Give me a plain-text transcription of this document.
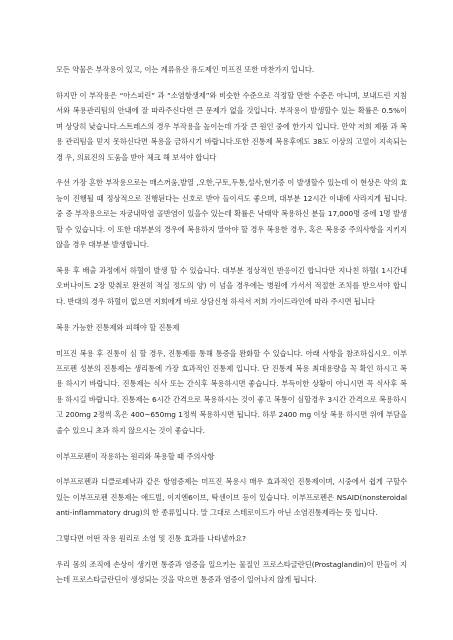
모든 약물은 부작용이 있고, 이는 계류유산 유도제인 미프진 또한 마찬가지 입니다.

하지만 이 부작용은 “아스피린” 과 “소염항생제”와 비슷한 수준으로 걱정할 만한 수준은 아니며, 보내드린 지침서와 복용관리팀의 안내에 잘 따라주신다면 큰 문제가 없을 것입니다. 부작용이 발생할수 있는 확률은 0.5%이며 상당히 낮습니다.스트레스의 경우 부작용을 높이는데 가장 큰 원인 중에 한가지 입니다. 만약 저희 제품 과 복용 관리팀을 믿지 못하신다면 복용을 금하시기 바랍니다.또한 진통제 복용후에도 38도 이상의 고열이 지속되는 경 우, 의료진의 도움을 받아 체크 해 보셔야 합니다

우선 가장 흔한 부작용으로는 매스꺼움,발열 ,오한,구토,두통,설사,현기증 이 발생할수 있는데 이 현상은 약의 효능이 진행될 때 정상적으로 진행된다는 신호로 받아 들이셔도 좋으며, 대부분 12시간 이내에 사라지게 됩니다. 중 증 부작용으로는 자궁내막염 골반염이 있을수 있는데 확률은 낙태약 복용하신 분들 17,000명 중에 1명 발생할 수 있습니다. 이 또한 대부분의 경우에 복용하지 말아야 할 경우 복용한 경우, 혹은 복용중 주의사항을 지키지 않을 경우 대부분 발생합니다.

복용 후 배출 과정에서 하혈이 발생 할 수 있습니다. 대부분 정상적인 반응이긴 합니다만 지나친 하혈( 1시간내 오버나이트 2장 맞춰로 완전히 적실 정도의 양) 이 넘을 경우에는 병원에 가서서 적절한 조치를 받으셔야 합니다. 반대의 경우 하혈이 없으면 저희에게 바로 상담신청 하셔서 저희 가이드라인에 따라 주시면 됩니다

복용 가능한 진통제와 피해야 할 진통제

미프진 복용 후 진통이 심 할 경우, 진통제를 통해 통증을 완화할 수 있습니다. 아래 사항을 참조하십시오. 이부프로펜 성분의 진통제는 생리통에 가장 효과적인 진통제 입니다. 단 진통제 복용 최대용량을 꼭 확인 하시고 복용 하시기 바랍니다. 진통제는 식사 또는 간식후 복용하시면 좋습니다. 부득이한 상황이 아니시면 꼭 식사후 복용 하시길 바랍니다. 진통제는 6시간 간격으로 복용하시는 것이 좋고 복통이 심할경우 3시간 간격으로 복용하시고 200mg 2정씩 혹은 400~650mg 1정씩 복용하시면 됩니다. 하루 2400 mg 이상 복용 하시면 위에 부담을 줄수 있으니 초과 하지 않으시는 것이 좋습니다.

이부프로펜이 작용하는 원리와 복용할 때 주의사항

이부프로펜과 디클로페낙과 같은 항염증제는 미프진 복용시 매우 효과적인 진통제이며, 시중에서 쉽게 구할수 있는 이부프로펜 진통제는 애드빌, 이지엔6이브, 탁센이브 등이 있습니다. 이부프로펜은 NSAID(nonsteroidal anti-inflammatory drug)의 한 종류입니다. 말 그대로 스테로이드가 아닌 소염진통제라는 뜻 입니다.

그렇다면 어떤 작용 원리로 소염 및 진통 효과를 나타낼까요?

우리 몸의 조직에 손상이 생기면 통증과 염증을 일으키는 물질인 프로스타글란딘(Prostaglandin)이 만들어 지는데 프로스타글란딘이 생성되는 것을 막으면 통증과 염증이 일어나지 않게 됩니다.
